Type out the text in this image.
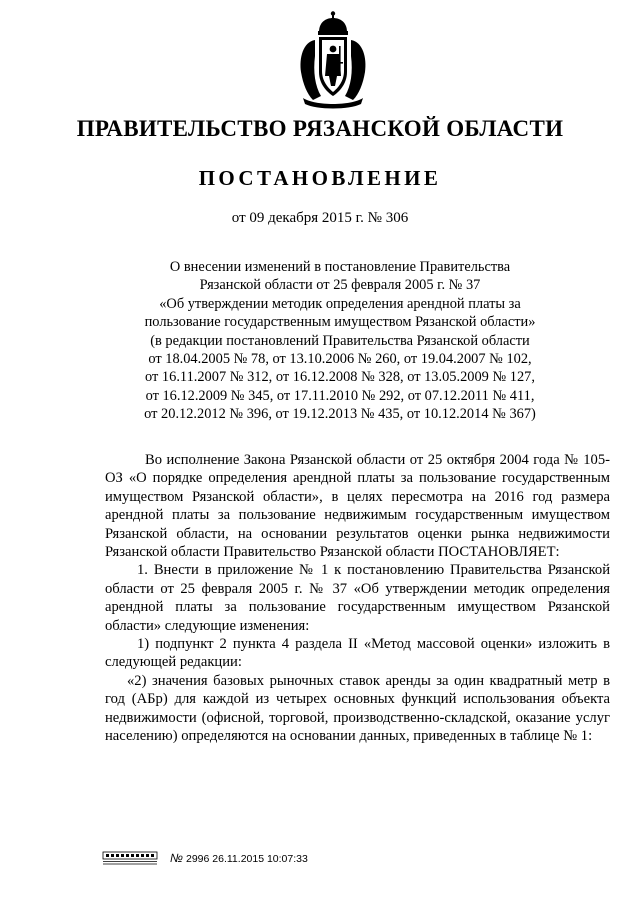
ПРАВИТЕЛЬСТВО РЯЗАНСКОЙ ОБЛАСТИ
ПОСТАНОВЛЕНИЕ
от 09 декабря 2015 г. № 306
О внесении изменений в постановление Правительства
Рязанской области от 25 февраля 2005 г. № 37
«Об утверждении методик определения арендной платы за
пользование государственным имуществом Рязанской области»
(в редакции постановлений Правительства Рязанской области
от 18.04.2005 № 78, от 13.10.2006 № 260, от 19.04.2007 № 102,
от 16.11.2007 № 312, от 16.12.2008 № 328, от 13.05.2009 № 127,
от 16.12.2009 № 345, от 17.11.2010 № 292, от 07.12.2011 № 411,
от 20.12.2012 № 396, от 19.12.2013 № 435, от 10.12.2014 № 367)

Во исполнение Закона Рязанской области от 25 октября 2004 года № 105-ОЗ «О порядке определения арендной платы за пользование государственным имуществом Рязанской области», в целях пересмотра на 2016 год размера арендной платы за пользование недвижимым государственным имуществом Рязанской области, на основании результатов оценки рынка недвижимости Рязанской области Правительство Рязанской области ПОСТАНОВЛЯЕТ:

1. Внести в приложение № 1 к постановлению Правительства Рязанской области от 25 февраля 2005 г. № 37 «Об утверждении методик определения арендной платы за пользование государственным имуществом Рязанской области» следующие изменения:

1) подпункт 2 пункта 4 раздела II «Метод массовой оценки» изложить в следующей редакции:

«2) значения базовых рыночных ставок аренды за один квадратный метр в год (АБр) для каждой из четырех основных функций использования объекта недвижимости (офисной, торговой, производственно-складской, оказание услуг населению) определяются на основании данных, приведенных в таблице № 1:

№ 2996 26.11.2015 10:07:33
